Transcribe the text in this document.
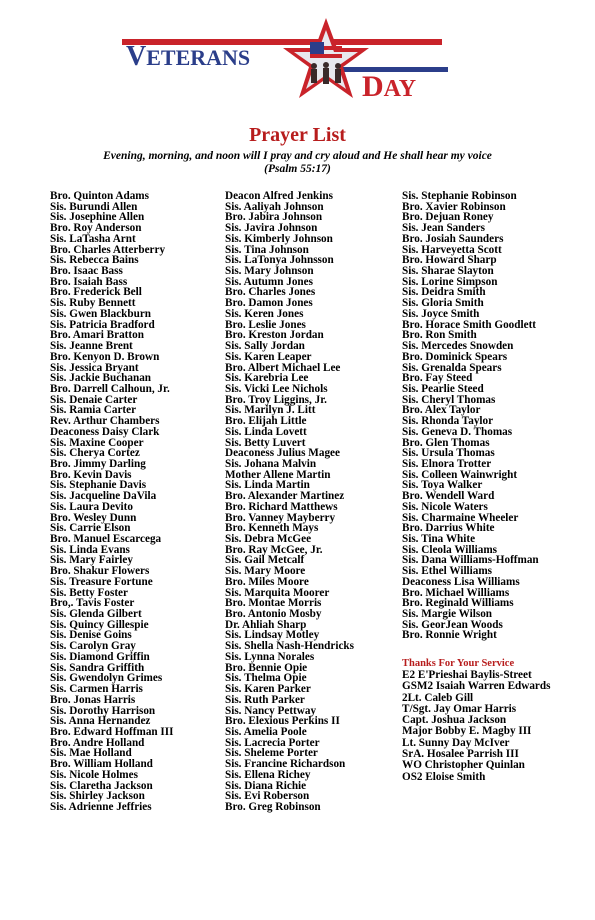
VETERANS
DAY
Prayer List
Evening, morning, and noon will I pray and cry aloud and He shall hear my voice
(Psalm 55:17)
Bro. Quinton Adams
Sis. Burundi Allen
Sis. Josephine Allen
Bro. Roy Anderson
Sis. LaTasha Arnt
Bro. Charles Atterberry
Sis. Rebecca Bains
Bro. Isaac Bass
Bro. Isaiah Bass
Bro. Frederick Bell
Sis. Ruby Bennett
Sis. Gwen Blackburn
Sis. Patricia Bradford
Bro. Amari Bratton
Sis. Jeanne Brent
Bro. Kenyon D. Brown
Sis. Jessica Bryant
Sis. Jackie Buchanan
Bro. Darrell Calhoun, Jr.
Sis. Denaie Carter
Sis. Ramia Carter
Rev. Arthur Chambers
Deaconess Daisy Clark
Sis. Maxine Cooper
Sis. Cherya Cortez
Bro. Jimmy Darling
Bro. Kevin Davis
Sis. Stephanie Davis
Sis. Jacqueline DaVila
Sis. Laura Devito
Bro. Wesley Dunn
Sis. Carrie Elson
Bro. Manuel Escarcega
Sis. Linda Evans
Sis. Mary Fairley
Bro. Shakur Flowers
Sis. Treasure Fortune
Sis. Betty Foster
Bro,. Tavis Foster
Sis. Glenda Gilbert
Sis. Quincy Gillespie
Sis. Denise Goins
Sis. Carolyn Gray
Sis. Diamond Griffin
Sis. Sandra Griffith
Sis. Gwendolyn Grimes
Sis. Carmen Harris
Bro. Jonas Harris
Sis. Dorothy Harrison
Sis. Anna Hernandez
Bro. Edward Hoffman III
Bro. Andre Holland
Sis. Mae Holland
Bro. William Holland
Sis. Nicole Holmes
Sis. Claretha Jackson
Sis. Shirley Jackson
Sis. Adrienne Jeffries
Deacon Alfred Jenkins
Sis. Aaliyah Johnson
Bro. Jabira Johnson
Sis. Javira Johnson
Sis. Kimberly Johnson
Sis. Tina Johnson
Sis. LaTonya Johnsson
Sis. Mary Johnson
Sis. Autumn Jones
Bro. Charles Jones
Bro. Damon Jones
Sis. Keren Jones
Bro. Leslie Jones
Bro. Kreston Jordan
Sis. Sally Jordan
Sis. Karen Leaper
Bro. Albert Michael Lee
Sis. Karebria Lee
Sis. Vicki Lee Nichols
Bro. Troy Liggins, Jr.
Sis. Marilyn J. Litt
Bro. Elijah Little
Sis. Linda Lovett
Sis. Betty Luvert
Deaconess Julius Magee
Sis. Johana Malvin
Mother Allene Martin
Sis. Linda Martin
Bro. Alexander Martinez
Bro. Richard Matthews
Bro. Vanney Mayberry
Bro. Kenneth Mays
Sis. Debra McGee
Bro. Ray McGee, Jr.
Sis. Gail Metcalf
Sis. Mary Moore
Bro. Miles Moore
Sis. Marquita Moorer
Bro. Montae Morris
Bro. Antonio Mosby
Dr. Ahliah Sharp
Sis. Lindsay Motley
Sis. Shella Nash-Hendricks
Sis. Lynna Norales
Bro. Bennie Opie
Sis. Thelma Opie
Sis. Karen Parker
Sis. Ruth Parker
Sis. Nancy Pettway
Bro. Elexious Perkins II
Sis. Amelia Poole
Sis. Lacrecia Porter
Sis. Sheleme Porter
Sis. Francine Richardson
Sis. Ellena Richey
Sis. Diana Richie
Sis. Evi Roberson
Bro. Greg Robinson
Sis. Stephanie Robinson
Bro. Xavier Robinson
Bro. Dejuan Roney
Sis. Jean Sanders
Bro. Josiah Saunders
Sis. Harveyetta Scott
Bro. Howard Sharp
Sis. Sharae Slayton
Sis. Lorine Simpson
Sis. Deidra Smith
Sis. Gloria Smith
Sis. Joyce Smith
Bro. Horace Smith Goodlett
Bro. Ron Smith
Sis. Mercedes Snowden
Bro. Dominick Spears
Sis. Grenalda Spears
Bro. Fay Steed
Sis. Pearlie Steed
Sis. Cheryl Thomas
Bro. Alex Taylor
Sis. Rhonda Taylor
Sis. Geneva D. Thomas
Bro. Glen Thomas
Sis. Ursula Thomas
Sis. Elnora Trotter
Sis. Colleen Wainwright
Sis. Toya Walker
Bro. Wendell Ward
Sis. Nicole Waters
Sis. Charmaine Wheeler
Bro. Darrius White
Sis. Tina White
Sis. Cleola Williams
Sis. Dana Williams-Hoffman
Sis. Ethel Williams
Deaconess Lisa Williams
Bro. Michael Williams
Bro. Reginald Williams
Sis. Margie Wilson
Sis. GeorJean Woods
Bro. Ronnie Wright
Thanks For Your Service
E2 E'Prieshai Baylis-Street
GSM2 Isaiah Warren Edwards
2Lt. Caleb Gill
T/Sgt. Jay Omar Harris
Capt. Joshua Jackson
Major Bobby E. Magby III
Lt. Sunny Day McIver
SrA. Hosalee Parrish III
WO Christopher Quinlan
OS2 Eloise Smith
